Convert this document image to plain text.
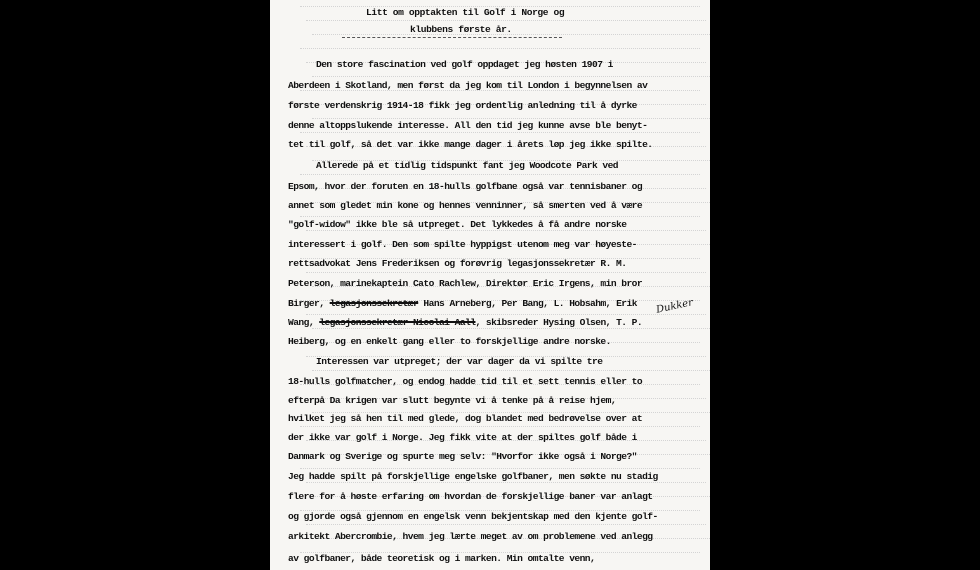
Litt om opptakten til Golf i Norge og
klubbens første år.
Den store fascination ved golf oppdaget jeg høsten 1907 i
Aberdeen i Skotland, men først da jeg kom til London i begynnelsen av
første verdenskrig 1914-18 fikk jeg ordentlig anledning til å dyrke
denne altoppslukende interesse. All den tid jeg kunne avse ble benyt-
tet til golf, så det var ikke mange dager i årets løp jeg ikke spilte.
Allerede på et tidlig tidspunkt fant jeg Woodcote Park ved
Epsom, hvor der foruten en 18-hulls golfbane også var tennisbaner og
annet som gledet min kone og hennes venninner, så smerten ved å være
"golf-widow" ikke ble så utpreget. Det lykkedes å få andre norske
interessert i golf. Den som spilte hyppigst utenom meg var høyeste-
rettsadvokat Jens Frederiksen og forøvrig legasjonssekretær R. M.
Peterson, marinekaptein Cato Rachlew, Direktør Eric Irgens, min bror
Birger, legasjonssekretær Hans Arneberg, Per Bang, L. Hobsahm, Erik
Wang, legasjonssekretær Nicolai Aall, skibsreder Hysing Olsen, T. P.
Heiberg, og en enkelt gang eller to forskjellige andre norske.
Interessen var utpreget; der var dager da vi spilte tre
18-hulls golfmatcher, og endog hadde tid til et sett tennis eller to
efterpå Da krigen var slutt begynte vi å tenke på å reise hjem,
hvilket jeg så hen til med glede, dog blandet med bedrøvelse over at
der ikke var golf i Norge. Jeg fikk vite at der spiltes golf både i
Danmark og Sverige og spurte meg selv: "Hvorfor ikke også i Norge?"
Jeg hadde spilt på forskjellige engelske golfbaner, men søkte nu stadig
flere for å høste erfaring om hvordan de forskjellige baner var anlagt
og gjorde også gjennom en engelsk venn bekjentskap med den kjente golf-
arkitekt Abercrombie, hvem jeg lærte meget av om problemene ved anlegg
av golfbaner, både teoretisk og i marken. Min omtalte venn,
Dukker
